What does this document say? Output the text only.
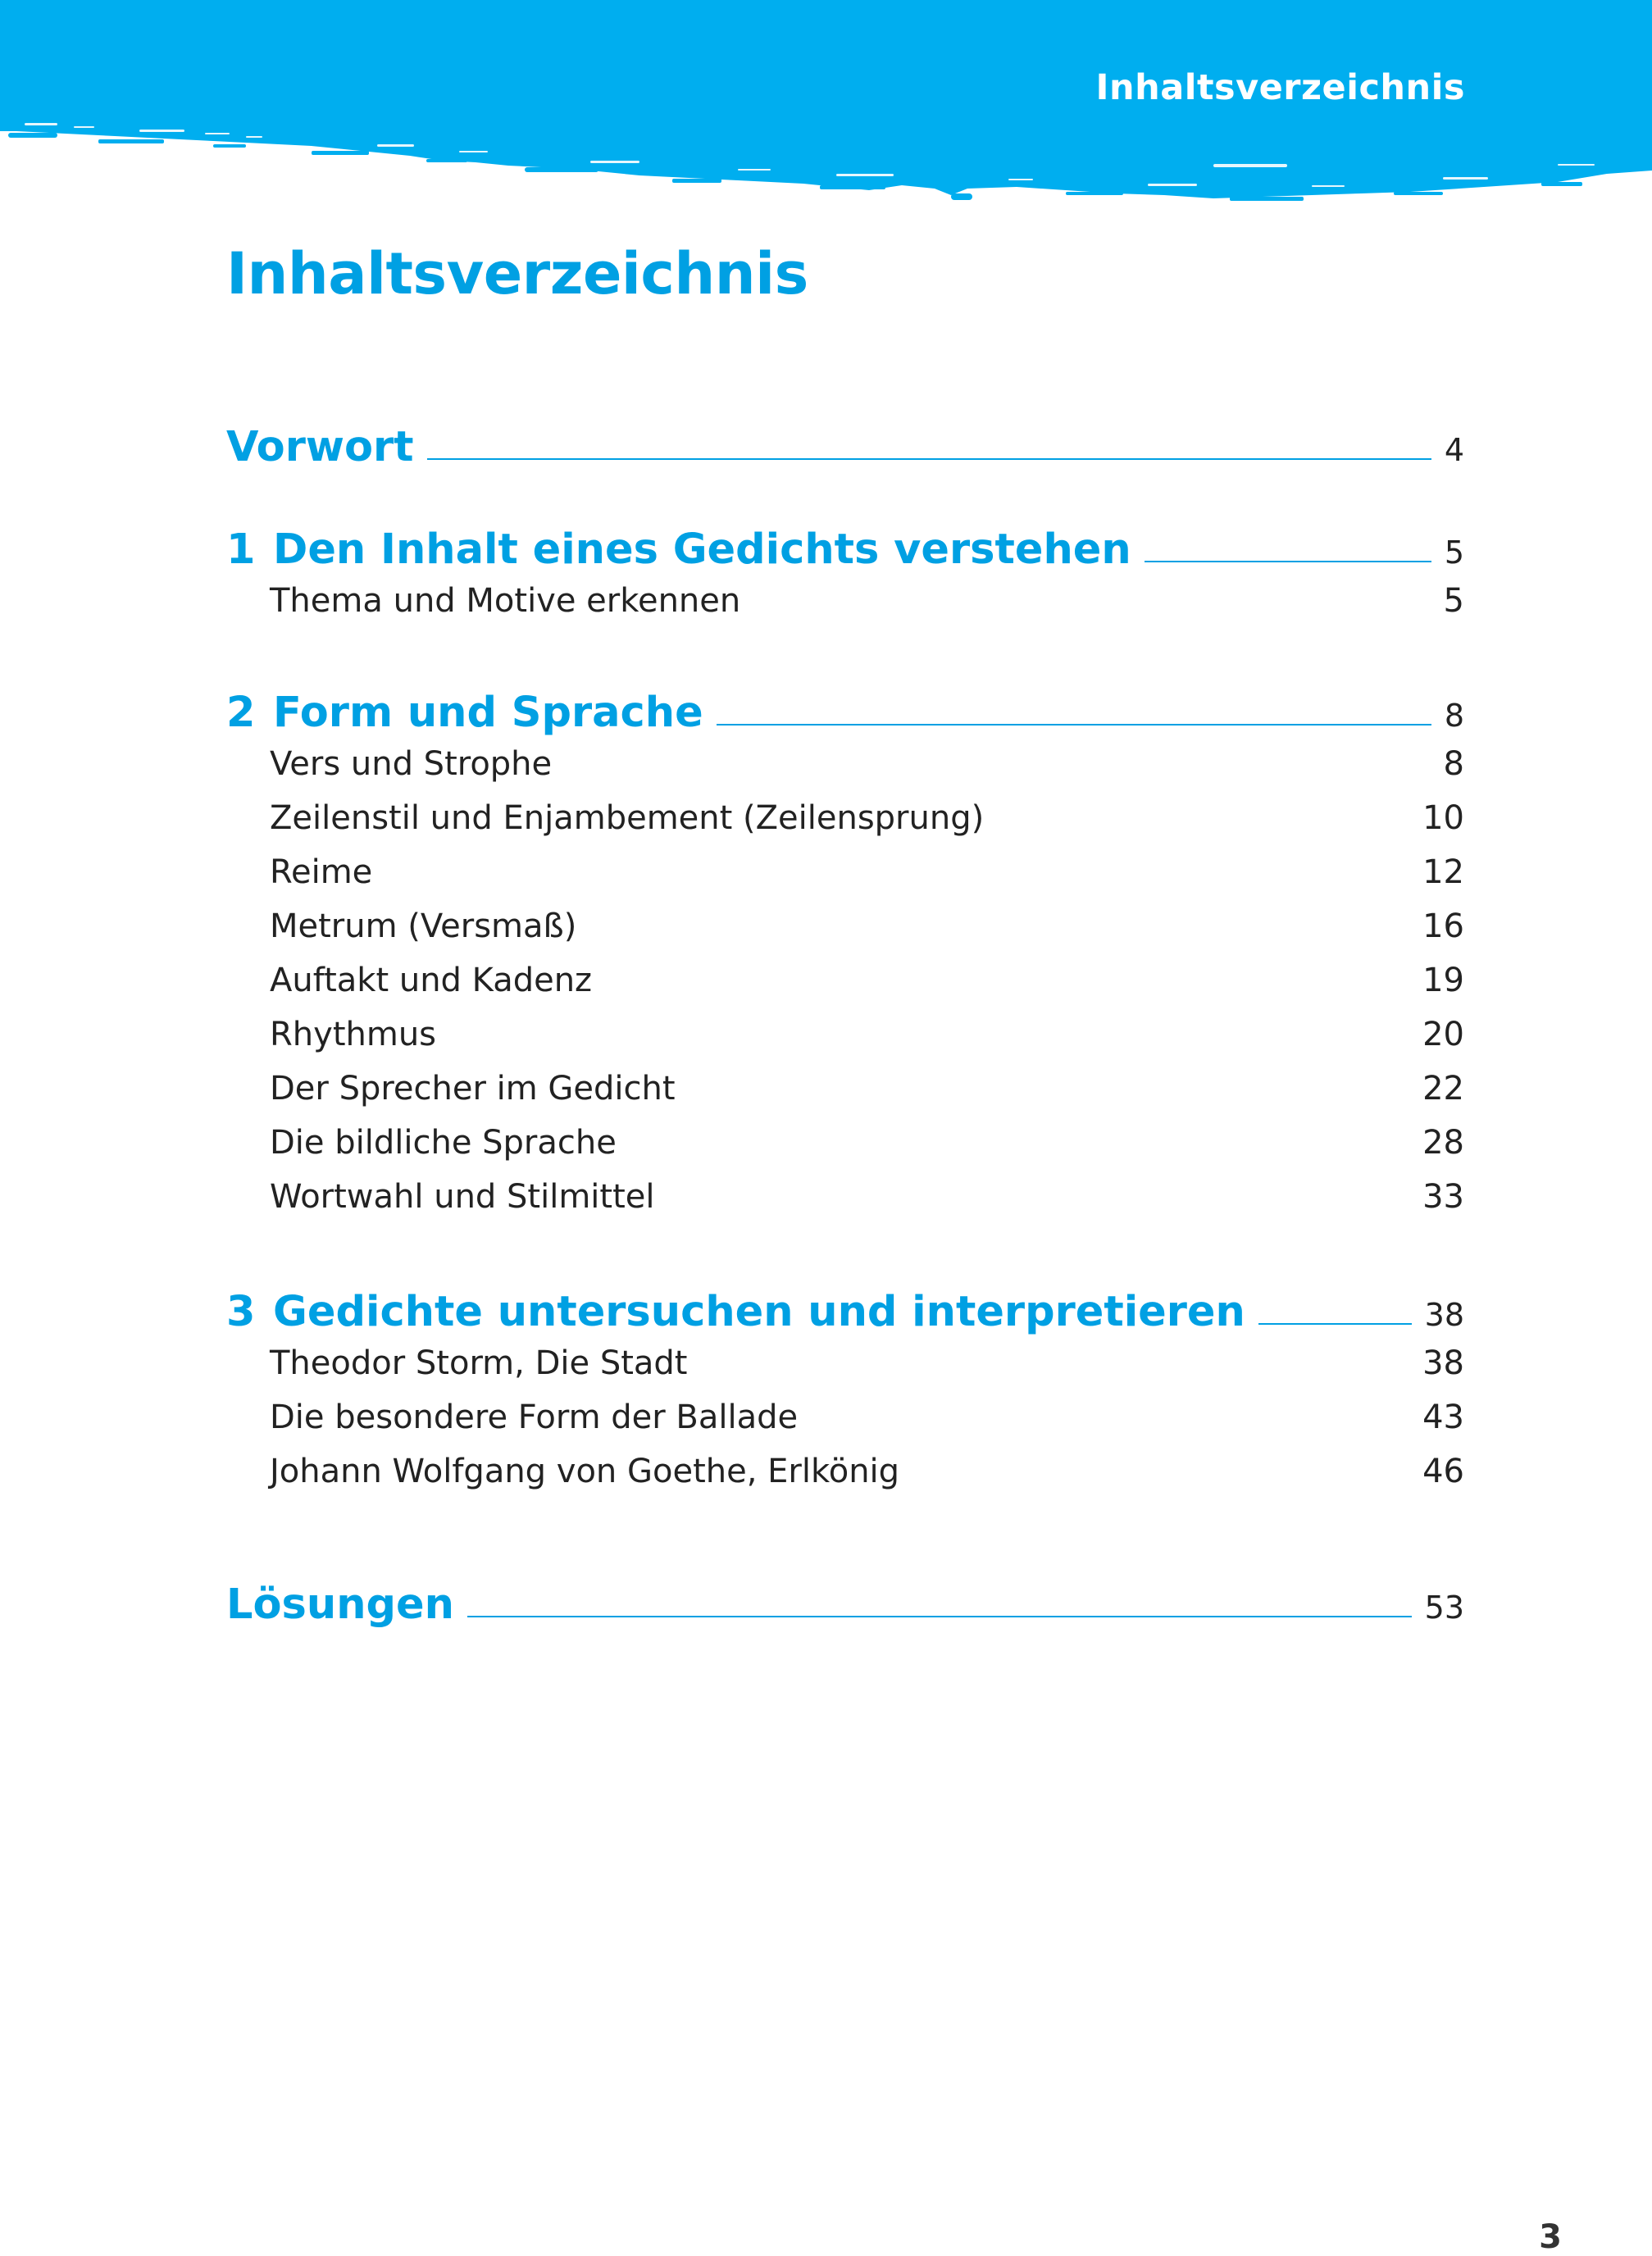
Inhaltsverzeichnis
Inhaltsverzeichnis
Vorwort	4
1 Den Inhalt eines Gedichts verstehen	5
Thema und Motive erkennen	5
2 Form und Sprache	8
Vers und Strophe	8
Zeilenstil und Enjambement (Zeilensprung)	10
Reime	12
Metrum (Versmaß)	16
Auftakt und Kadenz	19
Rhythmus	20
Der Sprecher im Gedicht	22
Die bildliche Sprache	28
Wortwahl und Stilmittel	33
3 Gedichte untersuchen und interpretieren	38
Theodor Storm, Die Stadt	38
Die besondere Form der Ballade	43
Johann Wolfgang von Goethe, Erlkönig	46
Lösungen	53
3
